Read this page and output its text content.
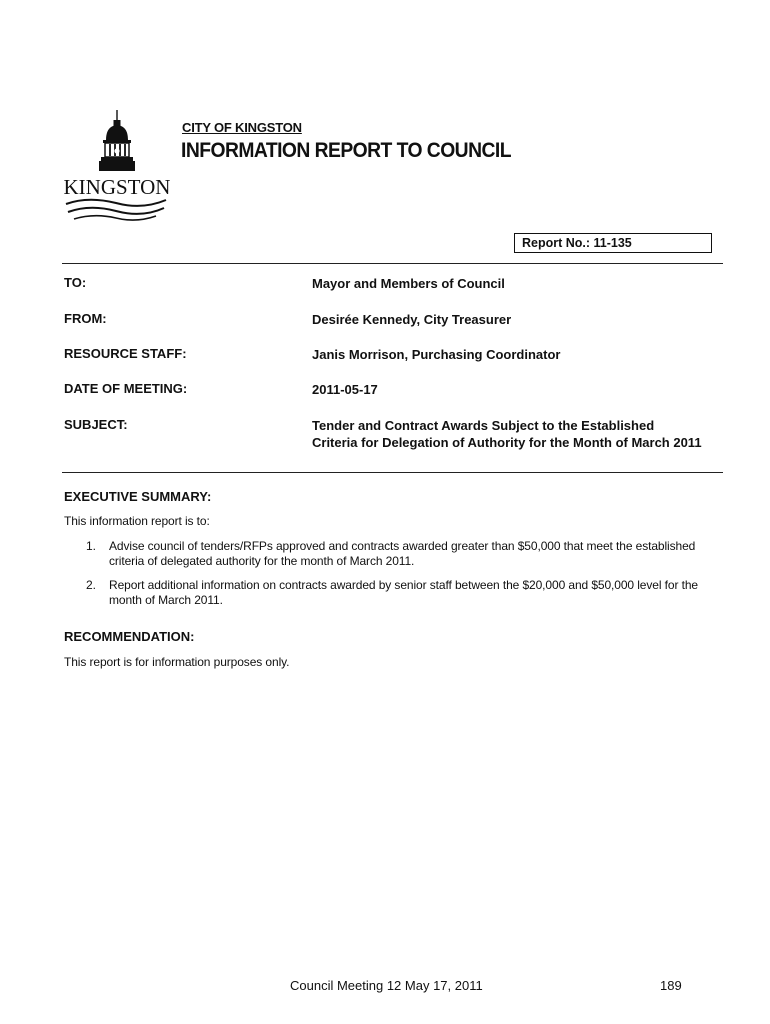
KINGSTON
CITY OF KINGSTON
INFORMATION REPORT TO COUNCIL
Report No.: 11-135
TO:	Mayor and Members of Council
FROM:	Desirée Kennedy, City Treasurer
RESOURCE STAFF:	Janis Morrison, Purchasing Coordinator
DATE OF MEETING:	2011-05-17
SUBJECT:	Tender and Contract Awards Subject to the Established Criteria for Delegation of Authority for the Month of March 2011
EXECUTIVE SUMMARY:
This information report is to:
1. Advise council of tenders/RFPs approved and contracts awarded greater than $50,000 that meet the established criteria of delegated authority for the month of March 2011.
2. Report additional information on contracts awarded by senior staff between the $20,000 and $50,000 level for the month of March 2011.
RECOMMENDATION:
This report is for information purposes only.
Council Meeting 12 May 17, 2011	189
